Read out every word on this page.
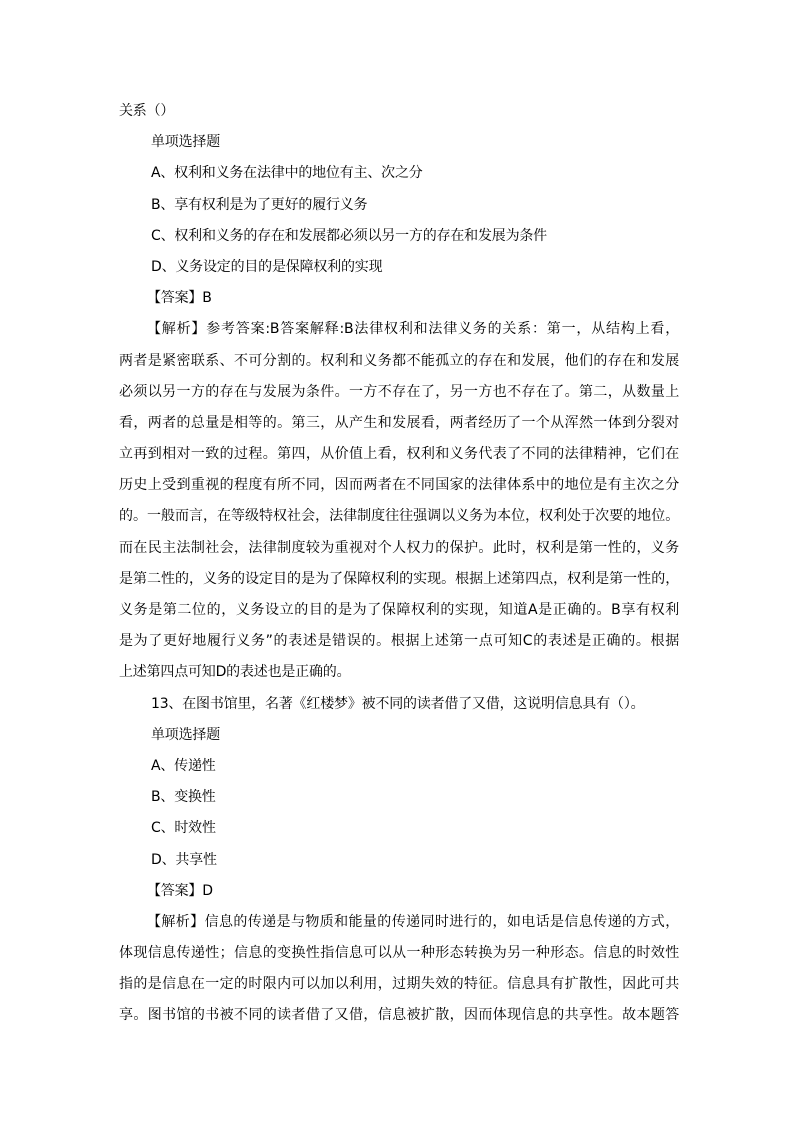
关系（）
单项选择题
A、权利和义务在法律中的地位有主、次之分
B、享有权利是为了更好的履行义务
C、权利和义务的存在和发展都必须以另一方的存在和发展为条件
D、义务设定的目的是保障权利的实现
【答案】B
【解析】参考答案:B答案解释:B法律权利和法律义务的关系：第一，从结构上看，
两者是紧密联系、不可分割的。权利和义务都不能孤立的存在和发展，他们的存在和发展
必须以另一方的存在与发展为条件。一方不存在了，另一方也不存在了。第二，从数量上
看，两者的总量是相等的。第三，从产生和发展看，两者经历了一个从浑然一体到分裂对
立再到相对一致的过程。第四，从价值上看，权利和义务代表了不同的法律精神，它们在
历史上受到重视的程度有所不同，因而两者在不同国家的法律体系中的地位是有主次之分
的。一般而言，在等级特权社会，法律制度往往强调以义务为本位，权利处于次要的地位。
而在民主法制社会，法律制度较为重视对个人权力的保护。此时，权利是第一性的，义务
是第二性的，义务的设定目的是为了保障权利的实现。根据上述第四点，权利是第一性的，
义务是第二位的，义务设立的目的是为了保障权利的实现，知道A是正确的。B享有权利
是为了更好地履行义务”的表述是错误的。根据上述第一点可知C的表述是正确的。根据
上述第四点可知D的表述也是正确的。
13、在图书馆里，名著《红楼梦》被不同的读者借了又借，这说明信息具有（）。
单项选择题
A、传递性
B、变换性
C、时效性
D、共享性
【答案】D
【解析】信息的传递是与物质和能量的传递同时进行的，如电话是信息传递的方式，
体现信息传递性；信息的变换性指信息可以从一种形态转换为另一种形态。信息的时效性
指的是信息在一定的时限内可以加以利用，过期失效的特征。信息具有扩散性，因此可共
享。图书馆的书被不同的读者借了又借，信息被扩散，因而体现信息的共享性。故本题答
